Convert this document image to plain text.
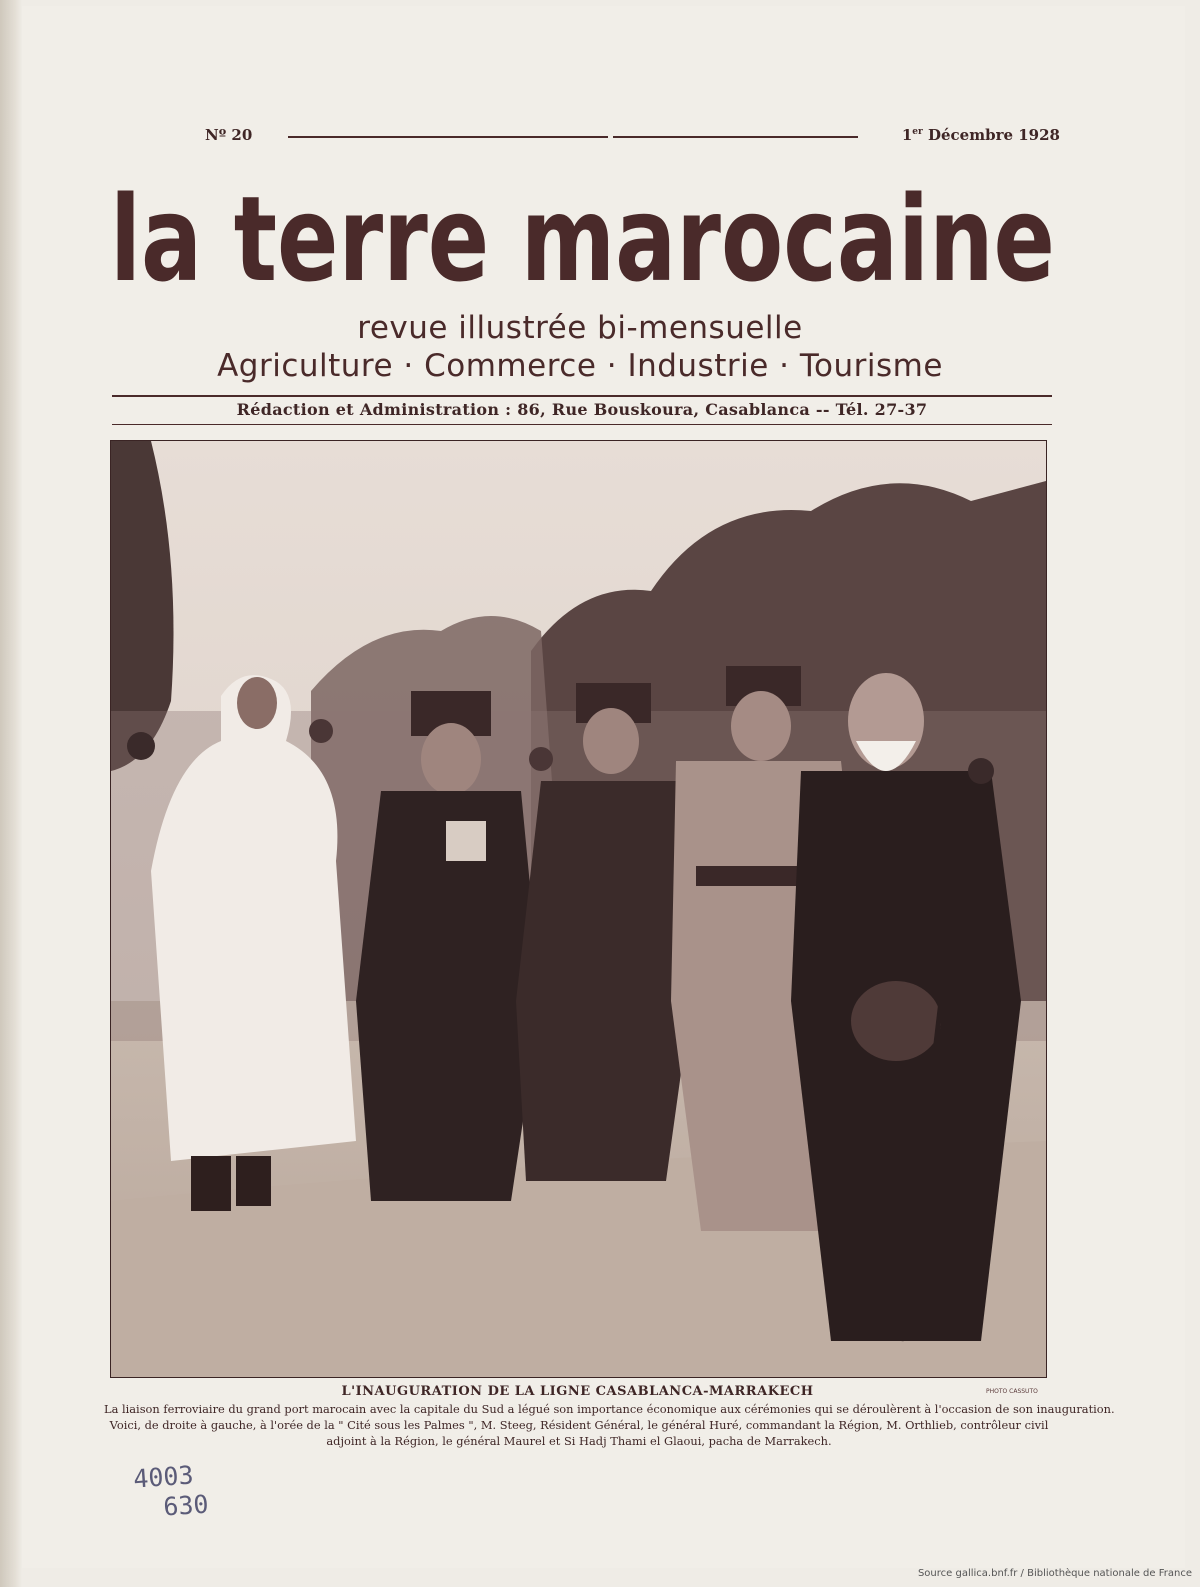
Nº 20	1er Décembre 1928
la terre marocaine
revue illustrée bi-mensuelle
Agriculture · Commerce · Industrie · Tourisme
Rédaction et Administration : 86, Rue Bouskoura, Casablanca -- Tél. 27-37
L'INAUGURATION DE LA LIGNE CASABLANCA-MARRAKECH	PHOTO CASSUTO
La liaison ferroviaire du grand port marocain avec la capitale du Sud a légué son importance économique aux cérémonies qui se déroulèrent à l'occasion de son inauguration.
Voici, de droite à gauche, à l'orée de la " Cité sous les Palmes ", M. Steeg, Résident Général, le général Huré, commandant la Région, M. Orthlieb, contrôleur civil
adjoint à la Région, le général Maurel et Si Hadj Thami el Glaoui, pacha de Marrakech.
4003
630
Source gallica.bnf.fr / Bibliothèque nationale de France
